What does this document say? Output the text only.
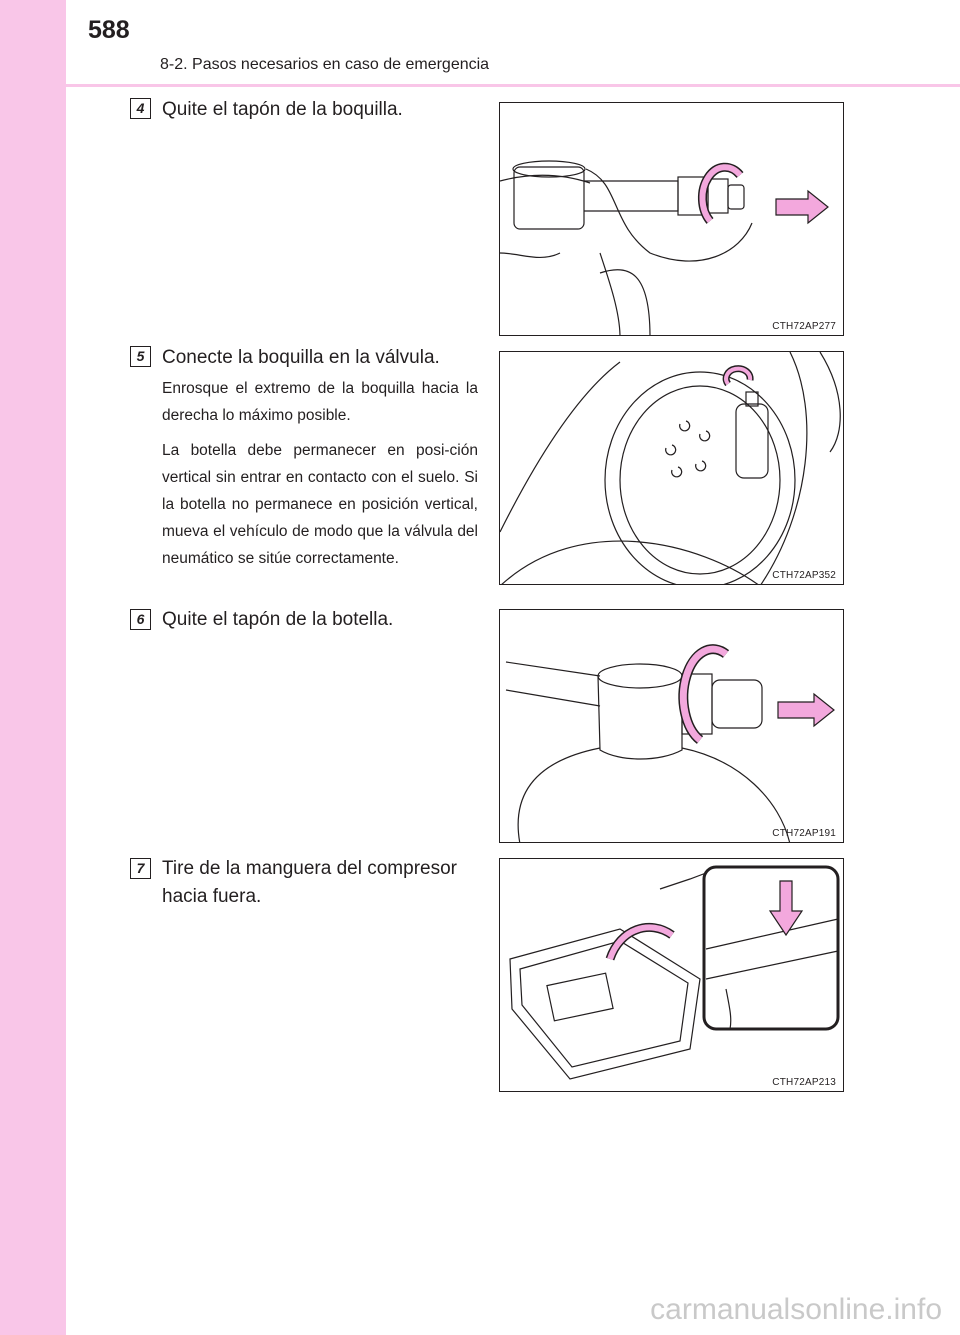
588
8-2. Pasos necesarios en caso de emergencia
4 Quite el tapón de la boquilla.
CTH72AP277
5 Conecte la boquilla en la válvula.

Enrosque el extremo de la boquilla hacia la derecha lo máximo posible.

La botella debe permanecer en posi-ción vertical sin entrar en contacto con el suelo. Si la botella no permanece en posición vertical, mueva el vehículo de modo que la válvula del neumático se sitúe correctamente.

CTH72AP352
6 Quite el tapón de la botella.
CTH72AP191
7 Tire de la manguera del compresor hacia fuera.
CTH72AP213
carmanualsonline.info
